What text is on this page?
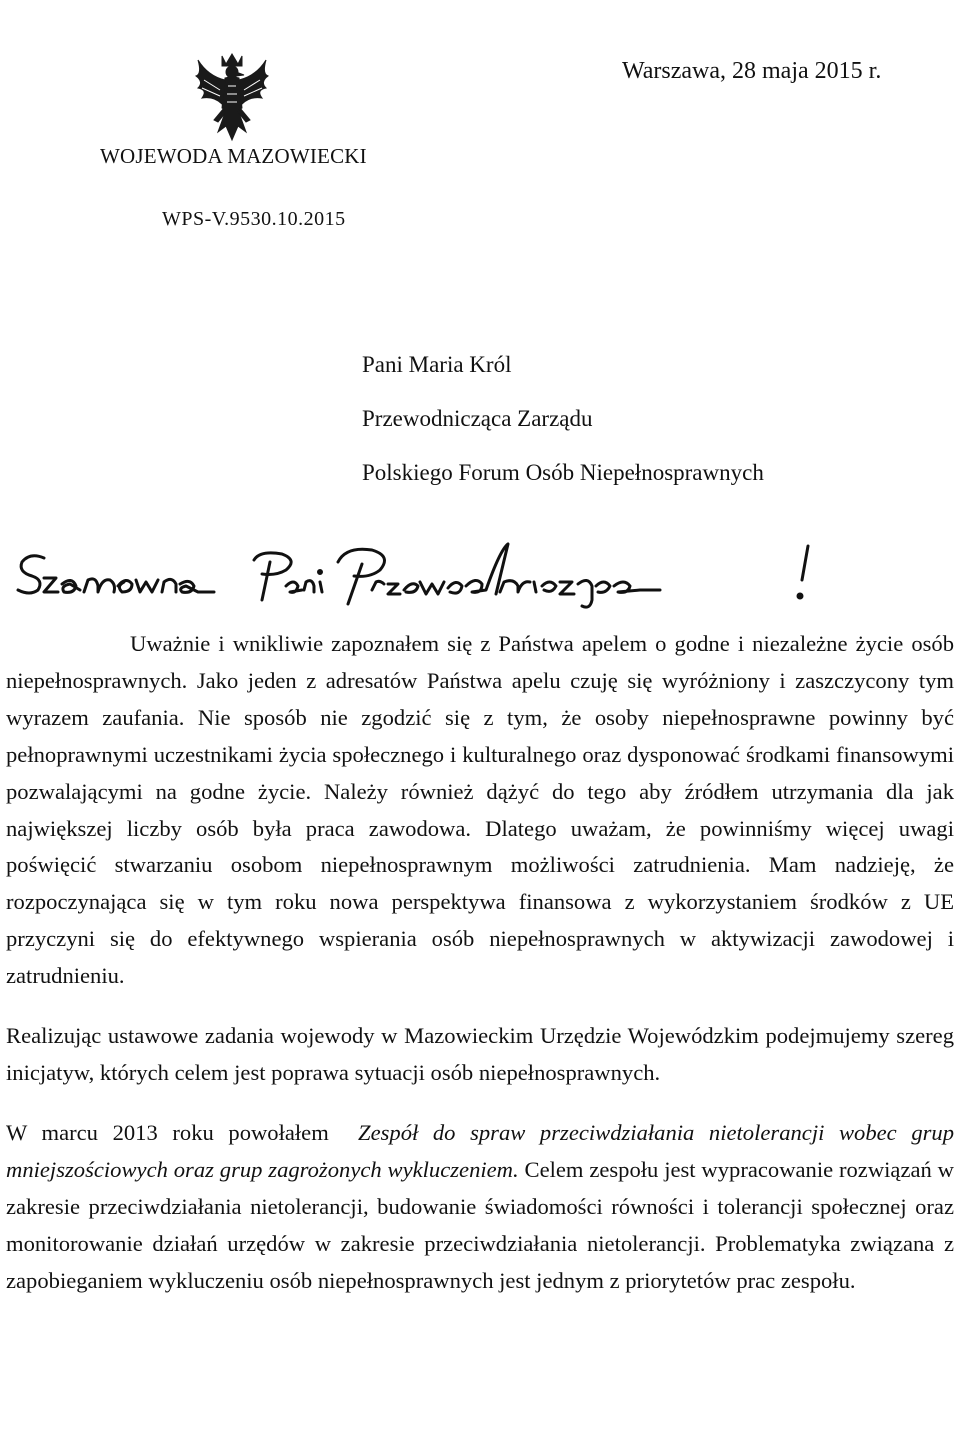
Warszawa, 28 maja 2015 r.
WOJEWODA MAZOWIECKI
WPS-V.9530.10.2015
Pani Maria Król
Przewodnicząca Zarządu
Polskiego Forum Osób Niepełnosprawnych

Uważnie i wnikliwie zapoznałem się z Państwa apelem o godne i niezależne życie osób niepełnosprawnych. Jako jeden z adresatów Państwa apelu czuję się wyróżniony i zaszczycony tym wyrazem zaufania. Nie sposób nie zgodzić się z tym, że osoby niepełnosprawne powinny być pełnoprawnymi uczestnikami życia społecznego i kulturalnego oraz dysponować środkami finansowymi pozwalającymi na godne życie. Należy również dążyć do tego aby źródłem utrzymania dla jak największej liczby osób była praca zawodowa. Dlatego uważam, że powinniśmy więcej uwagi poświęcić stwarzaniu osobom niepełnosprawnym możliwości zatrudnienia. Mam nadzieję, że rozpoczynająca się w tym roku nowa perspektywa finansowa z wykorzystaniem środków z UE przyczyni się do efektywnego wspierania osób niepełnosprawnych w aktywizacji zawodowej i zatrudnieniu.

Realizując ustawowe zadania wojewody w Mazowieckim Urzędzie Wojewódzkim podejmujemy szereg inicjatyw, których celem jest poprawa sytuacji osób niepełnosprawnych.

W marcu 2013 roku powołałem Zespół do spraw przeciwdziałania nietolerancji wobec grup mniejszościowych oraz grup zagrożonych wykluczeniem. Celem zespołu jest wypracowanie rozwiązań w zakresie przeciwdziałania nietolerancji, budowanie świadomości równości i tolerancji społecznej oraz monitorowanie działań urzędów w zakresie przeciwdziałania nietolerancji. Problematyka związana z zapobieganiem wykluczeniu osób niepełnosprawnych jest jednym z priorytetów prac zespołu.
